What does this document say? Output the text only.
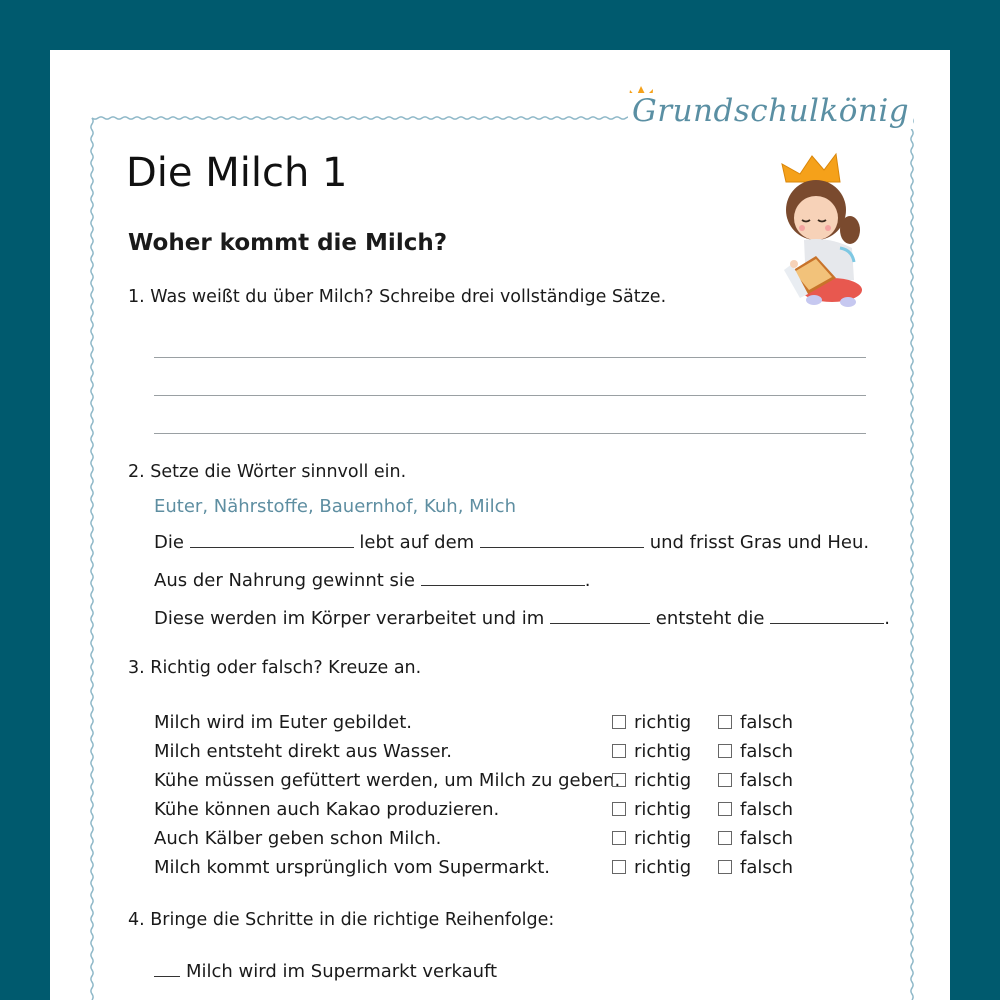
Grundschulkönig
Die Milch 1
Woher kommt die Milch?
1. Was weißt du über Milch? Schreibe drei vollständige Sätze.
2. Setze die Wörter sinnvoll ein.
Euter, Nährstoffe, Bauernhof, Kuh, Milch
Die	lebt auf dem	und frisst Gras und Heu.
Aus der Nahrung gewinnt sie	.
Diese werden im Körper verarbeitet und im	entsteht die	.
3. Richtig oder falsch? Kreuze an.
Milch wird im Euter gebildet.	richtig	falsch
Milch entsteht direkt aus Wasser.	richtig	falsch
Kühe müssen gefüttert werden, um Milch zu geben. richtig	falsch
Kühe können auch Kakao produzieren.	richtig	falsch
Auch Kälber geben schon Milch.	richtig	falsch
Milch kommt ursprünglich vom Supermarkt.	richtig	falsch
4. Bringe die Schritte in die richtige Reihenfolge:
Milch wird im Supermarkt verkauft
